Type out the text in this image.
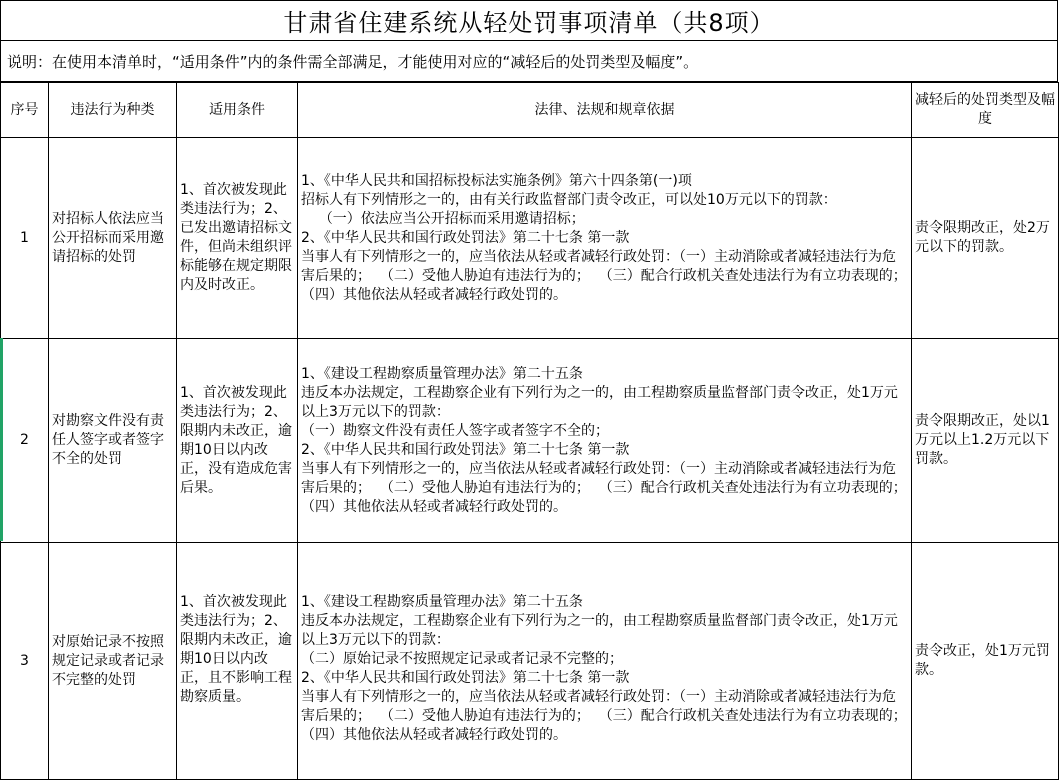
甘肃省住建系统从轻处罚事项清单（共8项）
说明：在使用本清单时，“适用条件”内的条件需全部满足，才能使用对应的“减轻后的处罚类型及幅度”。
序号	违法行为种类	适用条件	法律、法规和规章依据	减轻后的处罚类型及幅度
1	对招标人依法应当公开招标而采用邀请招标的处罚	1、首次被发现此类违法行为；2、已发出邀请招标文件，但尚未组织评标能够在规定期限内及时改正。	1、《中华人民共和国招标投标法实施条例》第六十四条第(一)项
招标人有下列情形之一的，由有关行政监督部门责令改正，可以处10万元以下的罚款：
（一）依法应当公开招标而采用邀请招标；
2、《中华人民共和国行政处罚法》第二十七条 第一款
当事人有下列情形之一的，应当依法从轻或者减轻行政处罚：（一）主动消除或者减轻违法行为危害后果的；  （二）受他人胁迫有违法行为的；  （三）配合行政机关查处违法行为有立功表现的；  （四）其他依法从轻或者减轻行政处罚的。	责令限期改正，处2万元以下的罚款。
2	对勘察文件没有责任人签字或者签字不全的处罚	1、首次被发现此类违法行为；2、限期内未改正，逾期10日以内改正，没有造成危害后果。	1、《建设工程勘察质量管理办法》第二十五条
违反本办法规定，工程勘察企业有下列行为之一的，由工程勘察质量监督部门责令改正，处1万元以上3万元以下的罚款：
（一）勘察文件没有责任人签字或者签字不全的；
2、《中华人民共和国行政处罚法》第二十七条 第一款
当事人有下列情形之一的，应当依法从轻或者减轻行政处罚：（一）主动消除或者减轻违法行为危害后果的；  （二）受他人胁迫有违法行为的；  （三）配合行政机关查处违法行为有立功表现的；  （四）其他依法从轻或者减轻行政处罚的。	责令限期改正，处以1万元以上1.2万元以下罚款。
3	对原始记录不按照规定记录或者记录不完整的处罚	1、首次被发现此类违法行为；2、限期内未改正，逾期10日以内改正，且不影响工程勘察质量。	1、《建设工程勘察质量管理办法》第二十五条
违反本办法规定，工程勘察企业有下列行为之一的，由工程勘察质量监督部门责令改正，处1万元以上3万元以下的罚款：
（二）原始记录不按照规定记录或者记录不完整的；
2、《中华人民共和国行政处罚法》第二十七条 第一款
当事人有下列情形之一的，应当依法从轻或者减轻行政处罚：（一）主动消除或者减轻违法行为危害后果的；  （二）受他人胁迫有违法行为的；  （三）配合行政机关查处违法行为有立功表现的；  （四）其他依法从轻或者减轻行政处罚的。	责令改正，处1万元罚款。
